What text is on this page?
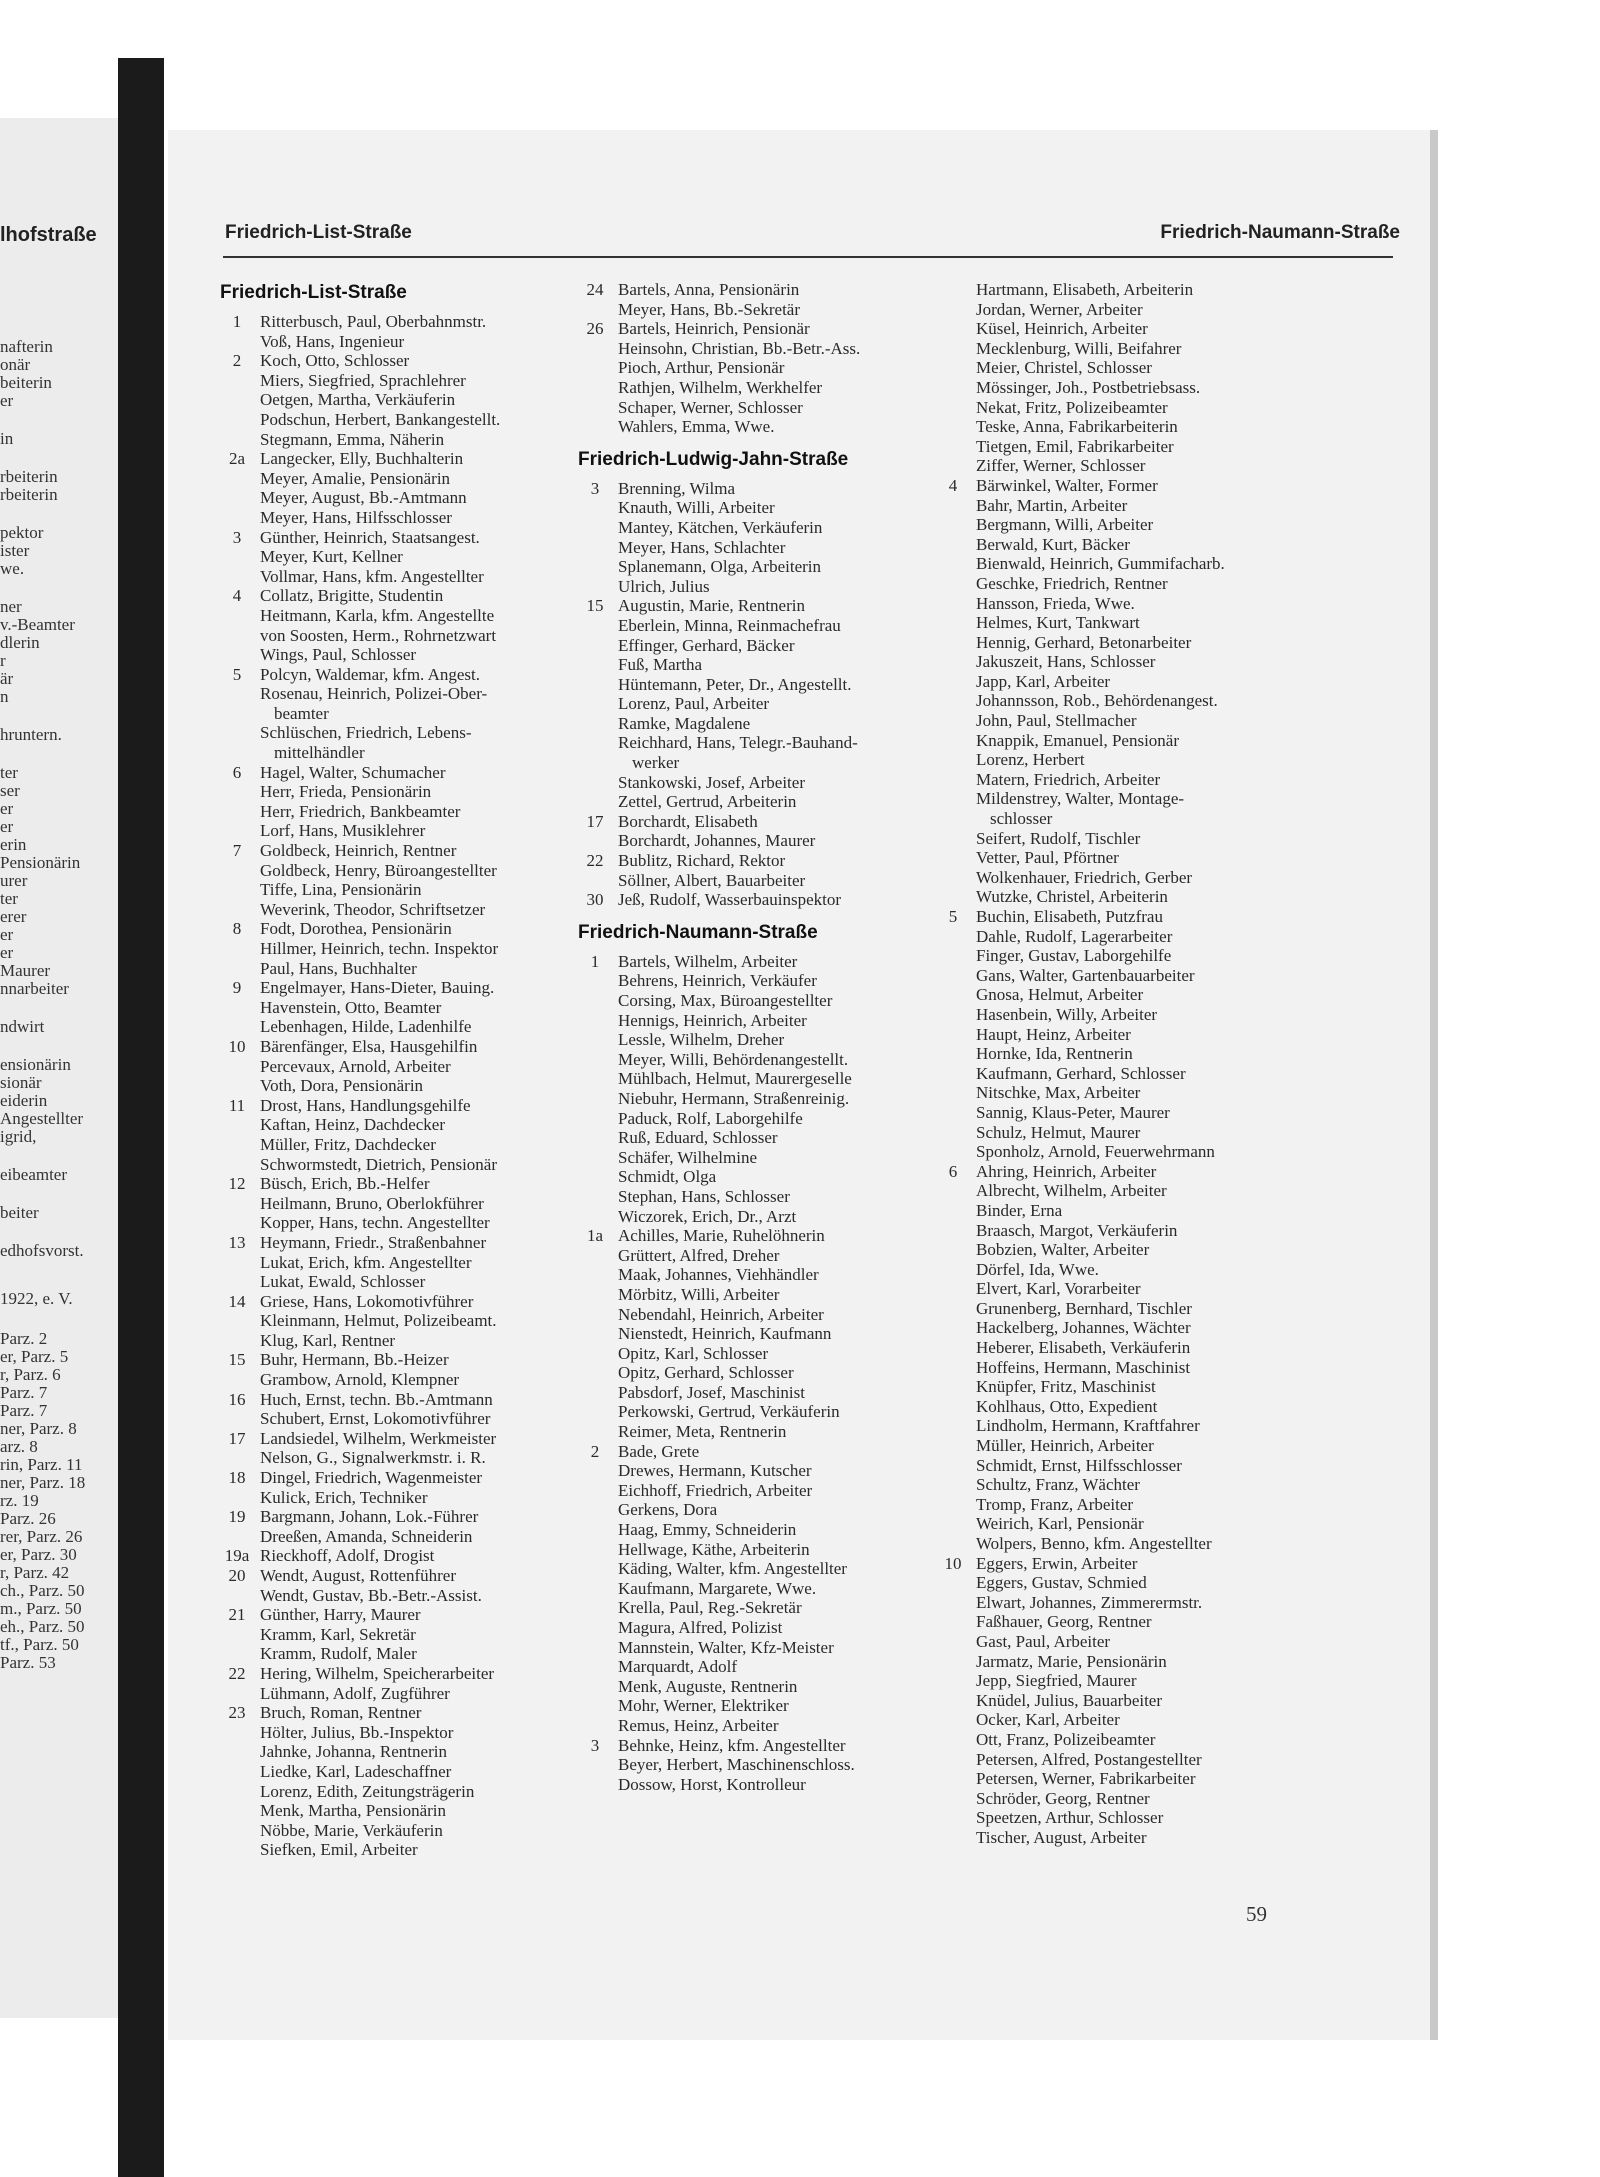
lhofstraße
nafterin
onär
beiterin
er
in
rbeiterin
rbeiterin
pektor
ister
we.
ner
v.-Beamter
dlerin
r
är
n
hruntern.
ter
ser
er
er
erin
Pensionärin
urer
ter
erer
er
er
Maurer
nnarbeiter
ndwirt
ensionärin
sionär
eiderin
Angestellter
igrid,
eibeamter
beiter
edhofsvorst.
1922, e. V.
Parz. 2
er, Parz. 5
r, Parz. 6
Parz. 7
Parz. 7
ner, Parz. 8
arz. 8
rin, Parz. 11
ner, Parz. 18
rz. 19
Parz. 26
rer, Parz. 26
er, Parz. 30
r, Parz. 42
ch., Parz. 50
m., Parz. 50
eh., Parz. 50
tf., Parz. 50
Parz. 53
Friedrich-List-Straße	Friedrich-Naumann-Straße
Friedrich-List-Straße
1	Ritterbusch, Paul, Oberbahnmstr.
Voß, Hans, Ingenieur
2	Koch, Otto, Schlosser
Miers, Siegfried, Sprachlehrer
Oetgen, Martha, Verkäuferin
Podschun, Herbert, Bankangestellt.
Stegmann, Emma, Näherin
2a Langecker, Elly, Buchhalterin
Meyer, Amalie, Pensionärin
Meyer, August, Bb.-Amtmann
Meyer, Hans, Hilfsschlosser
3	Günther, Heinrich, Staatsangest.
Meyer, Kurt, Kellner
Vollmar, Hans, kfm. Angestellter
4	Collatz, Brigitte, Studentin
Heitmann, Karla, kfm. Angestellte
von Soosten, Herm., Rohrnetzwart
Wings, Paul, Schlosser
5	Polcyn, Waldemar, kfm. Angest.
Rosenau, Heinrich, Polizei-Ober-
beamter
Schlüschen, Friedrich, Lebens-
mittelhändler
6	Hagel, Walter, Schumacher
Herr, Frieda, Pensionärin
Herr, Friedrich, Bankbeamter
Lorf, Hans, Musiklehrer
7	Goldbeck, Heinrich, Rentner
Goldbeck, Henry, Büroangestellter
Tiffe, Lina, Pensionärin
Weverink, Theodor, Schriftsetzer
8	Fodt, Dorothea, Pensionärin
Hillmer, Heinrich, techn. Inspektor
Paul, Hans, Buchhalter
9	Engelmayer, Hans-Dieter, Bauing.
Havenstein, Otto, Beamter
Lebenhagen, Hilde, Ladenhilfe
10 Bärenfänger, Elsa, Hausgehilfin
Percevaux, Arnold, Arbeiter
Voth, Dora, Pensionärin
11 Drost, Hans, Handlungsgehilfe
Kaftan, Heinz, Dachdecker
Müller, Fritz, Dachdecker
Schwormstedt, Dietrich, Pensionär
12 Büsch, Erich, Bb.-Helfer
Heilmann, Bruno, Oberlokführer
Kopper, Hans, techn. Angestellter
13 Heymann, Friedr., Straßenbahner
Lukat, Erich, kfm. Angestellter
Lukat, Ewald, Schlosser
14 Griese, Hans, Lokomotivführer
Kleinmann, Helmut, Polizeibeamt.
Klug, Karl, Rentner
15 Buhr, Hermann, Bb.-Heizer
Grambow, Arnold, Klempner
16 Huch, Ernst, techn. Bb.-Amtmann
Schubert, Ernst, Lokomotivführer
17 Landsiedel, Wilhelm, Werkmeister
Nelson, G., Signalwerkmstr. i. R.
18 Dingel, Friedrich, Wagenmeister
Kulick, Erich, Techniker
19 Bargmann, Johann, Lok.-Führer
Dreeßen, Amanda, Schneiderin
19a Rieckhoff, Adolf, Drogist
20 Wendt, August, Rottenführer
Wendt, Gustav, Bb.-Betr.-Assist.
21 Günther, Harry, Maurer
Kramm, Karl, Sekretär
Kramm, Rudolf, Maler
22 Hering, Wilhelm, Speicherarbeiter
Lühmann, Adolf, Zugführer
23 Bruch, Roman, Rentner
Hölter, Julius, Bb.-Inspektor
Jahnke, Johanna, Rentnerin
Liedke, Karl, Ladeschaffner
Lorenz, Edith, Zeitungsträgerin
Menk, Martha, Pensionärin
Nöbbe, Marie, Verkäuferin
Siefken, Emil, Arbeiter
24 Bartels, Anna, Pensionärin
Meyer, Hans, Bb.-Sekretär
26 Bartels, Heinrich, Pensionär
Heinsohn, Christian, Bb.-Betr.-Ass.
Pioch, Arthur, Pensionär
Rathjen, Wilhelm, Werkhelfer
Schaper, Werner, Schlosser
Wahlers, Emma, Wwe.
Friedrich-Ludwig-Jahn-Straße
3	Brenning, Wilma
Knauth, Willi, Arbeiter
Mantey, Kätchen, Verkäuferin
Meyer, Hans, Schlachter
Splanemann, Olga, Arbeiterin
Ulrich, Julius
15 Augustin, Marie, Rentnerin
Eberlein, Minna, Reinmachefrau
Effinger, Gerhard, Bäcker
Fuß, Martha
Hüntemann, Peter, Dr., Angestellt.
Lorenz, Paul, Arbeiter
Ramke, Magdalene
Reichhard, Hans, Telegr.-Bauhand-
werker
Stankowski, Josef, Arbeiter
Zettel, Gertrud, Arbeiterin
17 Borchardt, Elisabeth
Borchardt, Johannes, Maurer
22 Bublitz, Richard, Rektor
Söllner, Albert, Bauarbeiter
30 Jeß, Rudolf, Wasserbauinspektor
Friedrich-Naumann-Straße
1	Bartels, Wilhelm, Arbeiter
Behrens, Heinrich, Verkäufer
Corsing, Max, Büroangestellter
Hennigs, Heinrich, Arbeiter
Lessle, Wilhelm, Dreher
Meyer, Willi, Behördenangestellt.
Mühlbach, Helmut, Maurergeselle
Niebuhr, Hermann, Straßenreinig.
Paduck, Rolf, Laborgehilfe
Ruß, Eduard, Schlosser
Schäfer, Wilhelmine
Schmidt, Olga
Stephan, Hans, Schlosser
Wiczorek, Erich, Dr., Arzt
1a Achilles, Marie, Ruhelöhnerin
Grüttert, Alfred, Dreher
Maak, Johannes, Viehhändler
Mörbitz, Willi, Arbeiter
Nebendahl, Heinrich, Arbeiter
Nienstedt, Heinrich, Kaufmann
Opitz, Karl, Schlosser
Opitz, Gerhard, Schlosser
Pabsdorf, Josef, Maschinist
Perkowski, Gertrud, Verkäuferin
Reimer, Meta, Rentnerin
2	Bade, Grete
Drewes, Hermann, Kutscher
Eichhoff, Friedrich, Arbeiter
Gerkens, Dora
Haag, Emmy, Schneiderin
Hellwage, Käthe, Arbeiterin
Käding, Walter, kfm. Angestellter
Kaufmann, Margarete, Wwe.
Krella, Paul, Reg.-Sekretär
Magura, Alfred, Polizist
Mannstein, Walter, Kfz-Meister
Marquardt, Adolf
Menk, Auguste, Rentnerin
Mohr, Werner, Elektriker
Remus, Heinz, Arbeiter
3	Behnke, Heinz, kfm. Angestellter
Beyer, Herbert, Maschinenschloss.
Dossow, Horst, Kontrolleur
Hartmann, Elisabeth, Arbeiterin
Jordan, Werner, Arbeiter
Küsel, Heinrich, Arbeiter
Mecklenburg, Willi, Beifahrer
Meier, Christel, Schlosser
Mössinger, Joh., Postbetriebsass.
Nekat, Fritz, Polizeibeamter
Teske, Anna, Fabrikarbeiterin
Tietgen, Emil, Fabrikarbeiter
Ziffer, Werner, Schlosser
4	Bärwinkel, Walter, Former
Bahr, Martin, Arbeiter
Bergmann, Willi, Arbeiter
Berwald, Kurt, Bäcker
Bienwald, Heinrich, Gummifacharb.
Geschke, Friedrich, Rentner
Hansson, Frieda, Wwe.
Helmes, Kurt, Tankwart
Hennig, Gerhard, Betonarbeiter
Jakuszeit, Hans, Schlosser
Japp, Karl, Arbeiter
Johannsson, Rob., Behördenangest.
John, Paul, Stellmacher
Knappik, Emanuel, Pensionär
Lorenz, Herbert
Matern, Friedrich, Arbeiter
Mildenstrey, Walter, Montage-
schlosser
Seifert, Rudolf, Tischler
Vetter, Paul, Pförtner
Wolkenhauer, Friedrich, Gerber
Wutzke, Christel, Arbeiterin
5	Buchin, Elisabeth, Putzfrau
Dahle, Rudolf, Lagerarbeiter
Finger, Gustav, Laborgehilfe
Gans, Walter, Gartenbauarbeiter
Gnosa, Helmut, Arbeiter
Hasenbein, Willy, Arbeiter
Haupt, Heinz, Arbeiter
Hornke, Ida, Rentnerin
Kaufmann, Gerhard, Schlosser
Nitschke, Max, Arbeiter
Sannig, Klaus-Peter, Maurer
Schulz, Helmut, Maurer
Sponholz, Arnold, Feuerwehrmann
6	Ahring, Heinrich, Arbeiter
Albrecht, Wilhelm, Arbeiter
Binder, Erna
Braasch, Margot, Verkäuferin
Bobzien, Walter, Arbeiter
Dörfel, Ida, Wwe.
Elvert, Karl, Vorarbeiter
Grunenberg, Bernhard, Tischler
Hackelberg, Johannes, Wächter
Heberer, Elisabeth, Verkäuferin
Hoffeins, Hermann, Maschinist
Knüpfer, Fritz, Maschinist
Kohlhaus, Otto, Expedient
Lindholm, Hermann, Kraftfahrer
Müller, Heinrich, Arbeiter
Schmidt, Ernst, Hilfsschlosser
Schultz, Franz, Wächter
Tromp, Franz, Arbeiter
Weirich, Karl, Pensionär
Wolpers, Benno, kfm. Angestellter
10 Eggers, Erwin, Arbeiter
Eggers, Gustav, Schmied
Elwart, Johannes, Zimmerermstr.
Faßhauer, Georg, Rentner
Gast, Paul, Arbeiter
Jarmatz, Marie, Pensionärin
Jepp, Siegfried, Maurer
Knüdel, Julius, Bauarbeiter
Ocker, Karl, Arbeiter
Ott, Franz, Polizeibeamter
Petersen, Alfred, Postangestellter
Petersen, Werner, Fabrikarbeiter
Schröder, Georg, Rentner
Speetzen, Arthur, Schlosser
Tischer, August, Arbeiter
59
